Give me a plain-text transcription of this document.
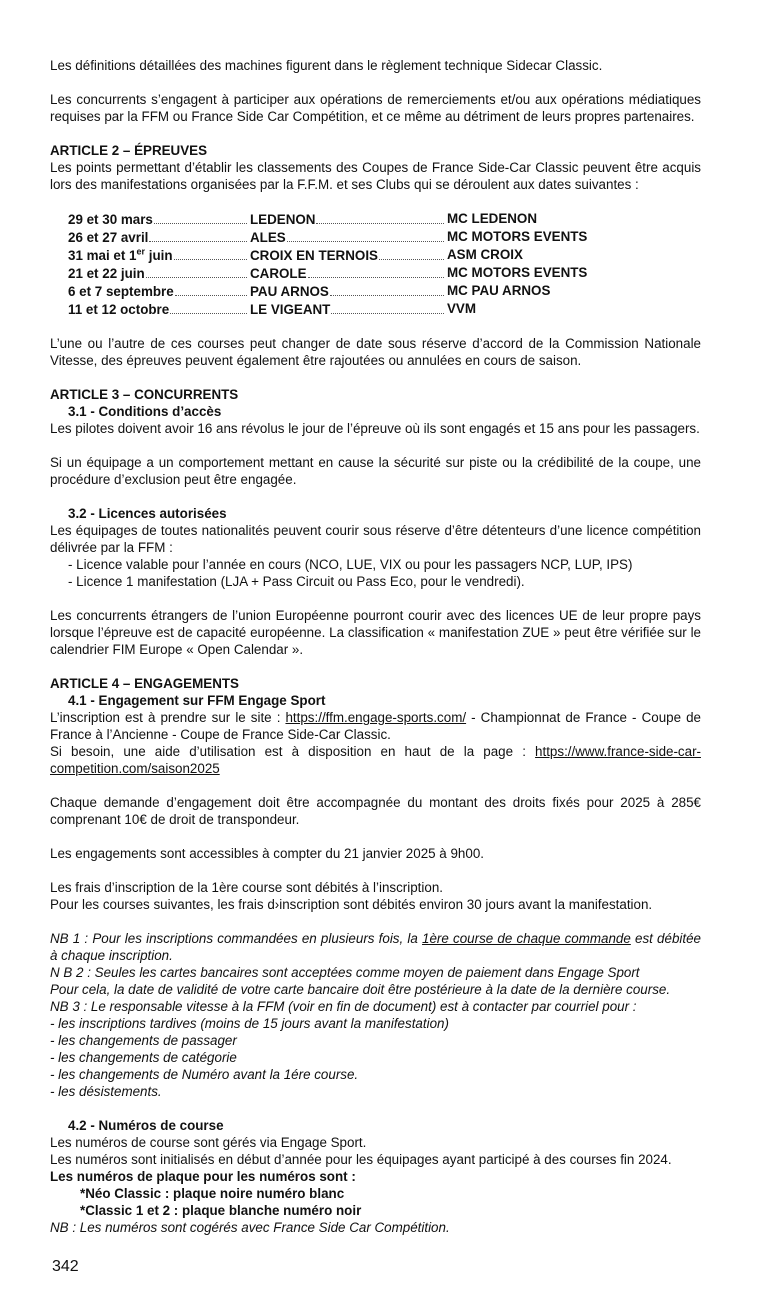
Les définitions détaillées des machines figurent dans le règlement technique Sidecar Classic.

Les concurrents s’engagent à participer aux opérations de remerciements et/ou aux opérations médiatiques requises par la FFM ou France Side Car Compétition, et ce même au détriment de leurs propres partenaires.

ARTICLE 2 – ÉPREUVES

Les points permettant d’établir les classements des Coupes de France Side-Car Classic peuvent être acquis lors des manifestations organisées par la F.F.M. et ses Clubs qui se déroulent aux dates suivantes :

29 et 30 mars	LEDENON	MC LEDENON
26 et 27 avril	ALES	MC MOTORS EVENTS
31 mai et 1er juin	CROIX EN TERNOIS	ASM CROIX
21 et 22 juin	CAROLE	MC MOTORS EVENTS
6 et 7 septembre	PAU ARNOS	MC PAU ARNOS
11 et 12 octobre	LE VIGEANT	VVM

L’une ou l’autre de ces courses peut changer de date sous réserve d’accord de la Commission Nationale Vitesse, des épreuves peuvent également être rajoutées ou annulées en cours de saison.

ARTICLE 3 – CONCURRENTS
3.1 - Conditions d’accès

Les pilotes doivent avoir 16 ans révolus le jour de l’épreuve où ils sont engagés et 15 ans pour les passagers.

Si un équipage a un comportement mettant en cause la sécurité sur piste ou la crédibilité de la coupe, une procédure d’exclusion peut être engagée.

3.2 - Licences autorisées

Les équipages de toutes nationalités peuvent courir sous réserve d’être détenteurs d’une licence compétition délivrée par la FFM :

- Licence valable pour l’année en cours (NCO, LUE, VIX ou pour les passagers NCP, LUP, IPS)
- Licence 1 manifestation (LJA + Pass Circuit ou Pass Eco, pour le vendredi).

Les concurrents étrangers de l’union Européenne pourront courir avec des licences UE de leur propre pays lorsque l’épreuve est de capacité européenne. La classification « manifestation ZUE » peut être vérifiée sur le calendrier FIM Europe « Open Calendar ».

ARTICLE 4 – ENGAGEMENTS
4.1 - Engagement sur FFM Engage Sport

L’inscription est à prendre sur le site : https://ffm.engage-sports.com/ - Championnat de France - Coupe de France à l’Ancienne - Coupe de France Side-Car Classic.

Si besoin, une aide d’utilisation est à disposition en haut de la page : https://www.france-side-car-competition.com/saison2025

Chaque demande d’engagement doit être accompagnée du montant des droits fixés pour 2025 à 285€ comprenant 10€ de droit de transpondeur.

Les engagements sont accessibles à compter du 21 janvier 2025 à 9h00.

Les frais d’inscription de la 1ère course sont débités à l’inscription.

Pour les courses suivantes, les frais d›inscription sont débités environ 30 jours avant la manifestation.

NB 1 : Pour les inscriptions commandées en plusieurs fois, la 1ère course de chaque commande est débitée à chaque inscription.

N B 2 : Seules les cartes bancaires sont acceptées comme moyen de paiement dans Engage Sport

Pour cela, la date de validité de votre carte bancaire doit être postérieure à la date de la dernière course.

NB 3 : Le responsable vitesse à la FFM (voir en fin de document) est à contacter par courriel pour :

- les inscriptions tardives (moins de 15 jours avant la manifestation)
- les changements de passager
- les changements de catégorie
- les changements de Numéro avant la 1ére course.
- les désistements.
4.2 - Numéros de course

Les numéros de course sont gérés via Engage Sport.

Les numéros sont initialisés en début d’année pour les équipages ayant participé à des courses fin 2024.

Les numéros de plaque pour les numéros sont :

*Néo Classic : plaque noire numéro blanc
*Classic 1 et 2 : plaque blanche numéro noir

NB : Les numéros sont cogérés avec France Side Car Compétition.

342
